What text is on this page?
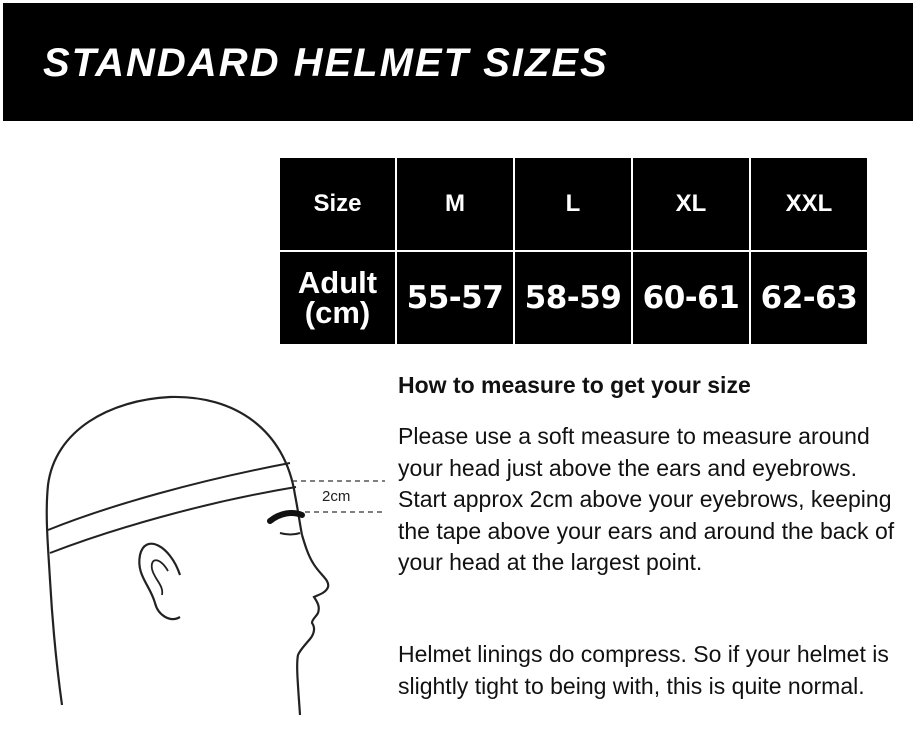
STANDARD HELMET SIZES
Size	M	L	XL	XXL

Adult
(cm)	55-57	58-59	60-61	62-63
2cm
How to measure to get your size
Please use a soft measure to measure around your head just above the ears and eyebrows. Start approx 2cm above your eyebrows, keeping the tape above your ears and around the back of your head at the largest point.
Helmet linings do compress. So if your helmet is slightly tight to being with, this is quite normal.
